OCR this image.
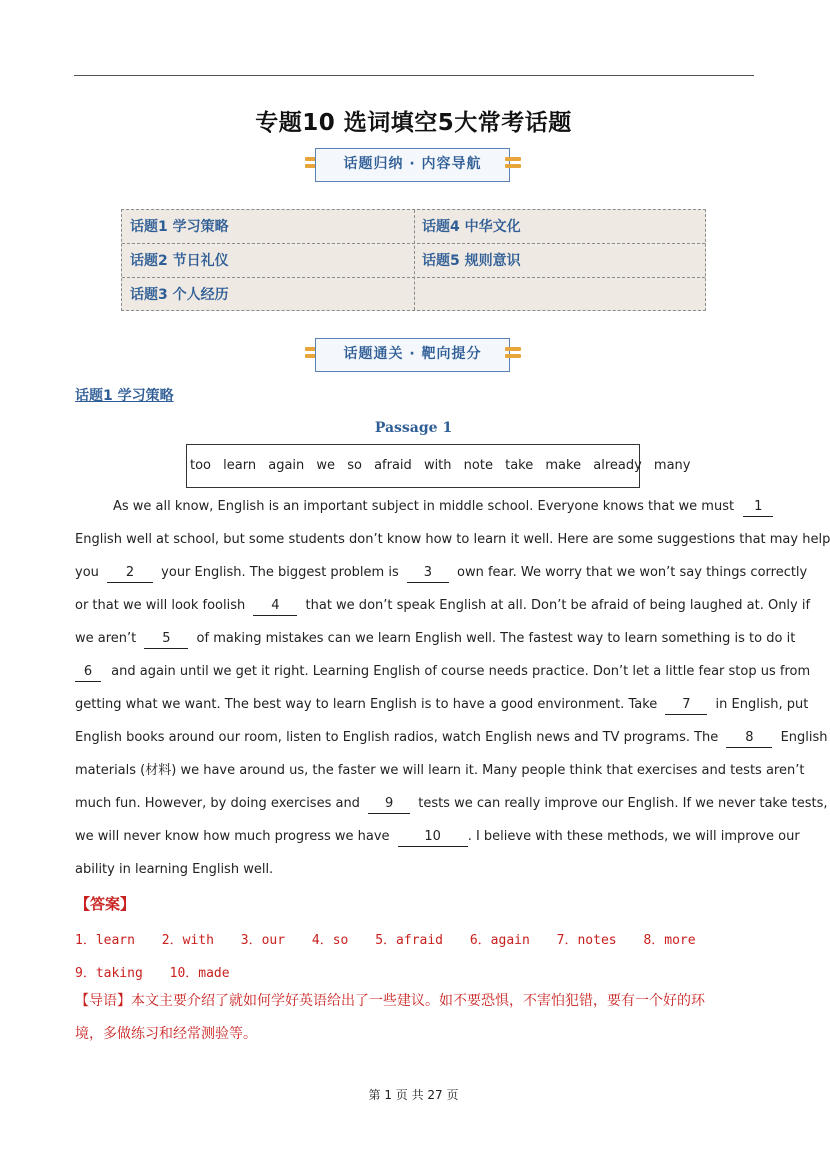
专题10 选词填空5大常考话题
话题归纳 · 内容导航
话题1 学习策略	话题4 中华文化
话题2 节日礼仪	话题5 规则意识
话题3 个人经历
话题通关 · 靶向提分
话题1 学习策略
Passage 1
too learn again we so afraid with note take make already many
As we all know, English is an important subject in middle school. Everyone knows that we must 1
English well at school, but some students don’t know how to learn it well. Here are some suggestions that may help
you 2 your English. The biggest problem is 3 own fear. We worry that we won’t say things correctly
or that we will look foolish 4 that we don’t speak English at all. Don’t be afraid of being laughed at. Only if
we aren’t 5 of making mistakes can we learn English well. The fastest way to learn something is to do it
6 and again until we get it right. Learning English of course needs practice. Don’t let a little fear stop us from
getting what we want. The best way to learn English is to have a good environment. Take 7 in English, put
English books around our room, listen to English radios, watch English news and TV programs. The 8 English
materials (材料) we have around us, the faster we will learn it. Many people think that exercises and tests aren’t
much fun. However, by doing exercises and 9 tests we can really improve our English. If we never take tests,
we will never know how much progress we have	10 . I believe with these methods, we will improve our
ability in learning English well.
【答案】
1．learn 2．with 3．our 4．so 5．afraid 6．again 7．notes 8．more
9．taking 10．made
【导语】本文主要介绍了就如何学好英语给出了一些建议。如不要恐惧，不害怕犯错，要有一个好的环
境，多做练习和经常测验等。
第 1 页 共 27 页
